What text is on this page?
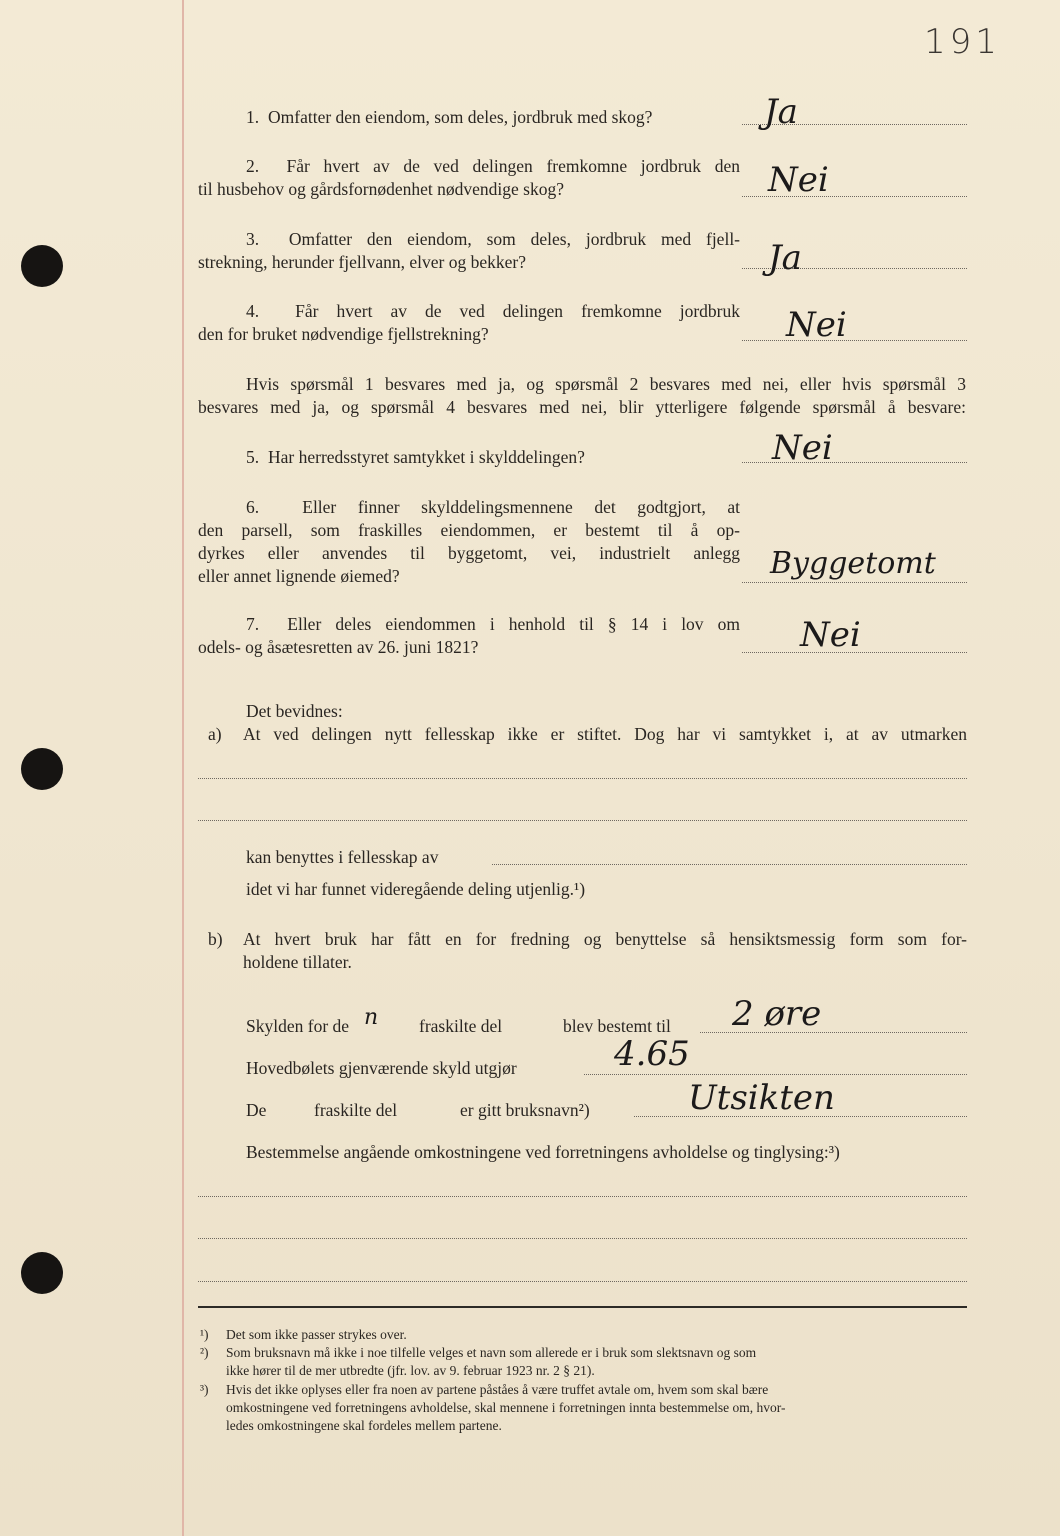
191
1. Omfatter den eiendom, som deles, jordbruk med skog?	Ja
2. Får hvert av de ved delingen fremkomne jordbruk den
til husbehov og gårdsfornødenhet nødvendige skog?	Nei
3. Omfatter den eiendom, som deles, jordbruk med fjell-
strekning, herunder fjellvann, elver og bekker?	Ja
4. Får hvert av de ved delingen fremkomne jordbruk
den for bruket nødvendige fjellstrekning?	Nei
Hvis spørsmål 1 besvares med ja, og spørsmål 2 besvares med nei, eller hvis spørsmål 3
besvares med ja, og spørsmål 4 besvares med nei, blir ytterligere følgende spørsmål å besvare:
5. Har herredsstyret samtykket i skylddelingen?	Nei
6. Eller finner skylddelingsmennene det godtgjort, at
den parsell, som fraskilles eiendommen, er bestemt til å op-
dyrkes eller anvendes til byggetomt, vei, industrielt anlegg
eller annet lignende øiemed?	Byggetomt
7. Eller deles eiendommen i henhold til § 14 i lov om
odels- og åsætesretten av 26. juni 1821?	Nei
Det bevidnes:
a) At ved delingen nytt fellesskap ikke er stiftet. Dog har vi samtykket i, at av utmarken
kan benyttes i fellesskap av
idet vi har funnet videregående deling utjenlig.¹)
b) At hvert bruk har fått en for fredning og benyttelse så hensiktsmessig form som for-
holdene tillater.
Skylden for de n fraskilte del	blev bestemt til 2 øre
Hovedbølets gjenværende skyld utgjør	4.65
De	fraskilte del	er gitt bruksnavn²)	Utsikten
Bestemmelse angående omkostningene ved forretningens avholdelse og tinglysing:³)
¹) Det som ikke passer strykes over.
²) Som bruksnavn må ikke i noe tilfelle velges et navn som allerede er i bruk som slektsnavn og som
ikke hører til de mer utbredte (jfr. lov. av 9. februar 1923 nr. 2 § 21).
³) Hvis det ikke oplyses eller fra noen av partene påståes å være truffet avtale om, hvem som skal bære
omkostningene ved forretningens avholdelse, skal mennene i forretningen innta bestemmelse om, hvor-
ledes omkostningene skal fordeles mellem partene.
